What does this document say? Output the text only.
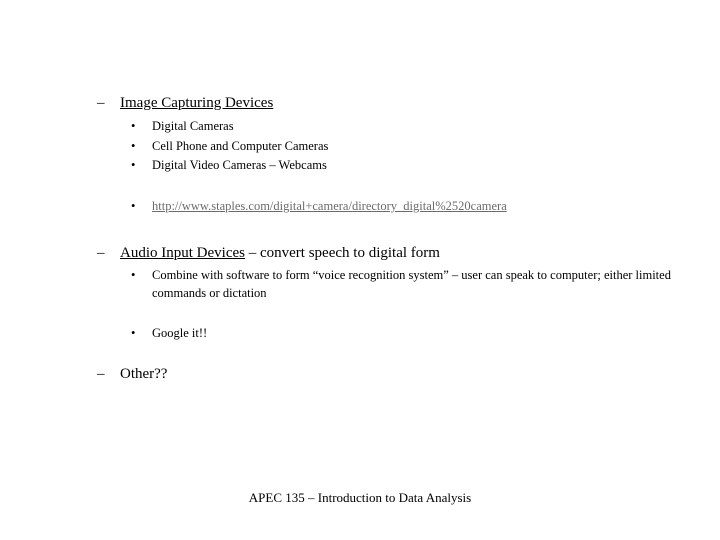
– Image Capturing Devices
• Digital Cameras
• Cell Phone and Computer Cameras
• Digital Video Cameras – Webcams
• http://www.staples.com/digital+camera/directory_digital%2520camera
– Audio Input Devices – convert speech to digital form
• Combine with software to form “voice recognition system” – user can speak to computer; either limited commands or dictation
• Google it!!
– Other??
APEC 135 – Introduction to Data Analysis
